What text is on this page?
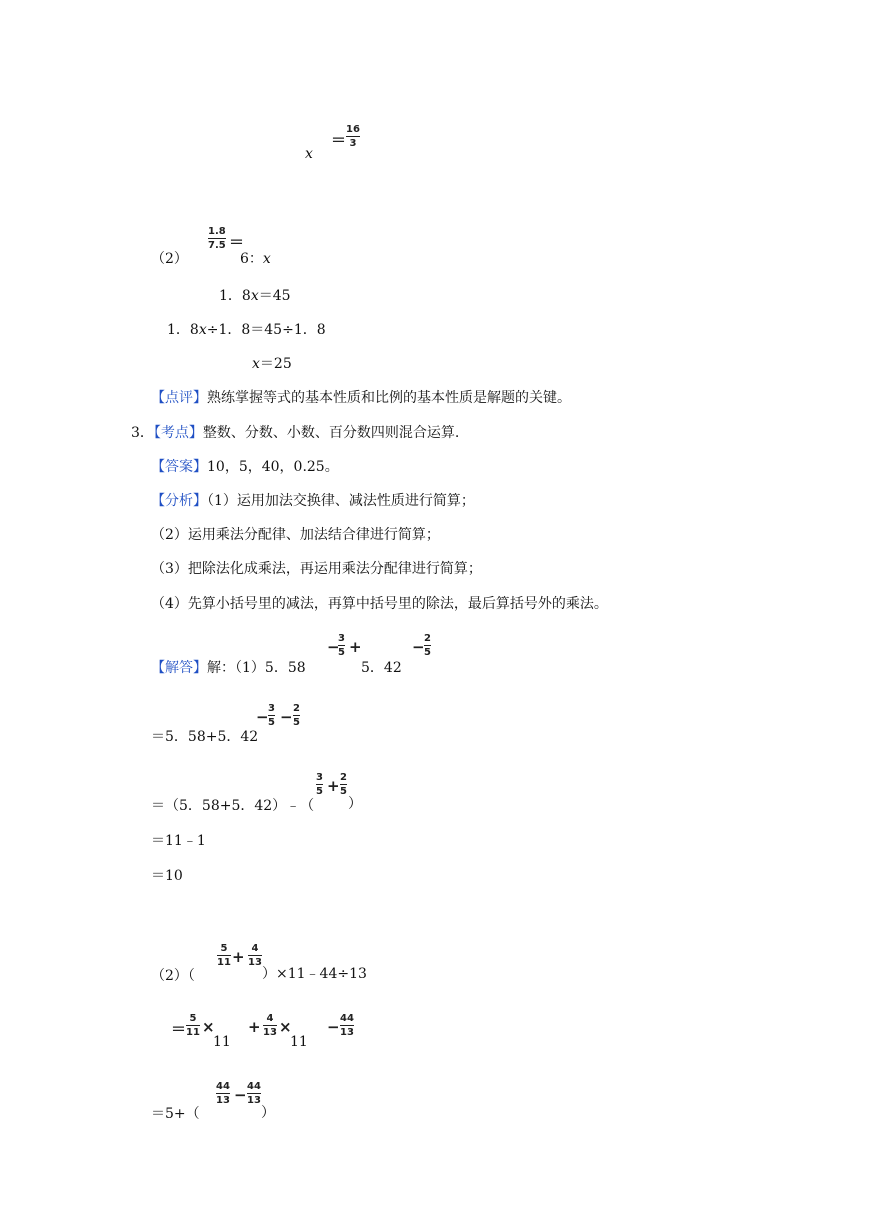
x
＝
16
3
（2）
1.8
7.5 ＝
6：x
1．8x＝45
1．8x÷1．8＝45÷1．8
x＝25
【点评】熟练掌握等式的基本性质和比例的基本性质是解题的关键。
3．【考点】整数、分数、小数、百分数四则混合运算.
【答案】10，5，40，0.25。
【分析】（1）运用加法交换律、减法性质进行简算；
（2）运用乘法分配律、加法结合律进行简算；
（3）把除法化成乘法，再运用乘法分配律进行简算；
（4）先算小括号里的减法，再算中括号里的除法，最后算括号外的乘法。
【解答】解：（1）5．58
−
3
5 +
5．42
− 2
5
＝5．58+5．42
− 3
5 − 2
5
＝（5．58+5．42）﹣（
3
5 + 2
5
）
＝11﹣1
＝10
（2）（
5
11 + 4
13
）×11﹣44÷13
＝
5
11 ×
11
+ 4
13 ×
11
− 44
13
＝5+（
44
13 − 44
13
）
